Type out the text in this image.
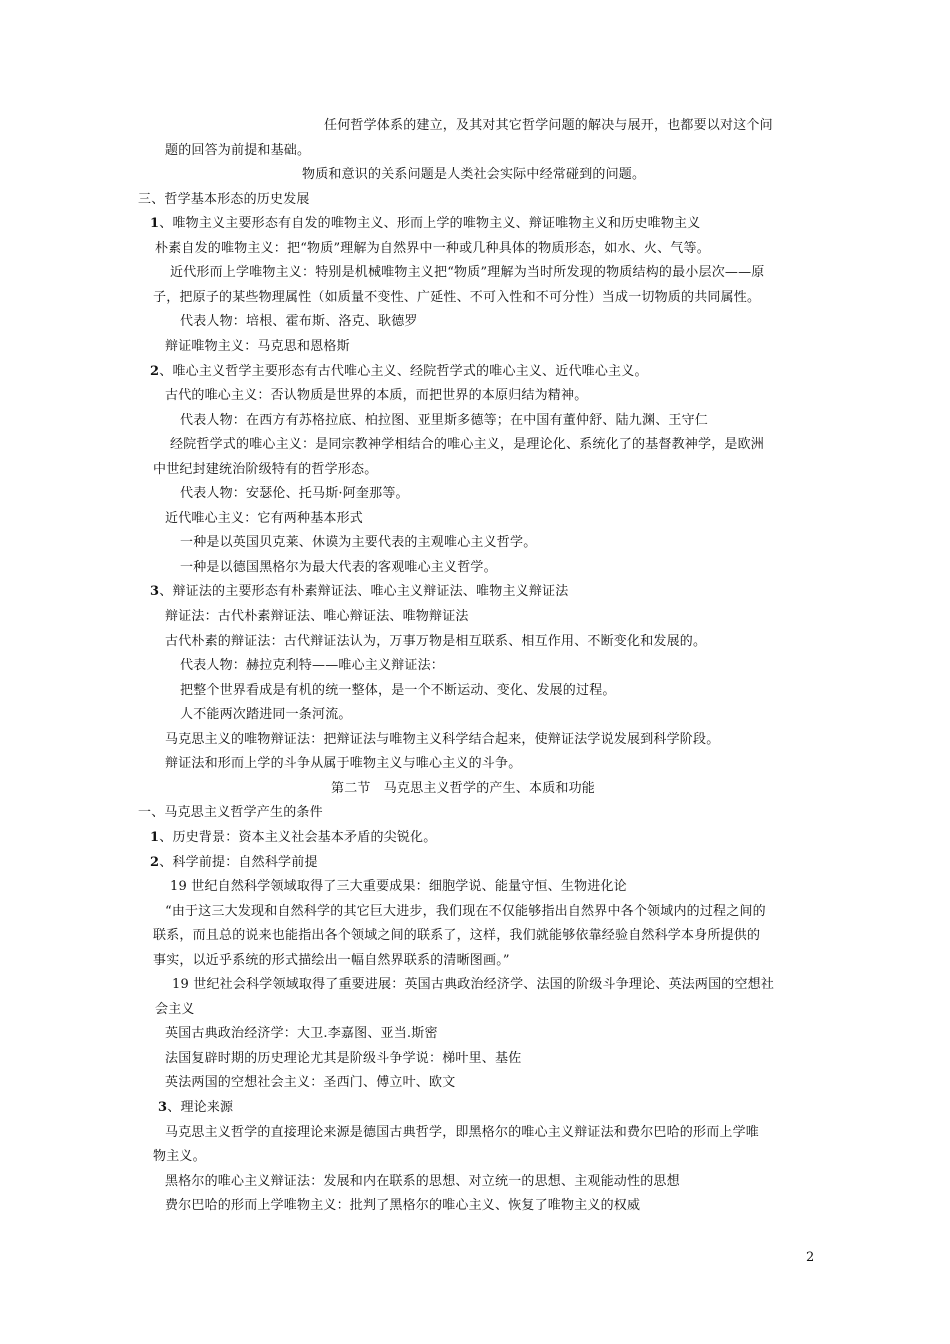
任何哲学体系的建立，及其对其它哲学问题的解决与展开，也都要以对这个问
题的回答为前提和基础。
物质和意识的关系问题是人类社会实际中经常碰到的问题。
三、哲学基本形态的历史发展
1、唯物主义主要形态有自发的唯物主义、形而上学的唯物主义、辩证唯物主义和历史唯物主义
朴素自发的唯物主义：把“物质”理解为自然界中一种或几种具体的物质形态，如水、火、气等。
近代形而上学唯物主义：特别是机械唯物主义把“物质”理解为当时所发现的物质结构的最小层次——原
子，把原子的某些物理属性（如质量不变性、广延性、不可入性和不可分性）当成一切物质的共同属性。
代表人物：培根、霍布斯、洛克、耿德罗
辩证唯物主义：马克思和恩格斯
2、唯心主义哲学主要形态有古代唯心主义、经院哲学式的唯心主义、近代唯心主义。
古代的唯心主义：否认物质是世界的本质，而把世界的本原归结为精神。
代表人物：在西方有苏格拉底、柏拉图、亚里斯多德等；在中国有董仲舒、陆九渊、王守仁
经院哲学式的唯心主义：是同宗教神学相结合的唯心主义，是理论化、系统化了的基督教神学，是欧洲
中世纪封建统治阶级特有的哲学形态。
代表人物：安瑟伦、托马斯·阿奎那等。
近代唯心主义：它有两种基本形式
一种是以英国贝克莱、休谟为主要代表的主观唯心主义哲学。
一种是以德国黑格尔为最大代表的客观唯心主义哲学。
3、辩证法的主要形态有朴素辩证法、唯心主义辩证法、唯物主义辩证法
辩证法：古代朴素辩证法、唯心辩证法、唯物辩证法
古代朴素的辩证法：古代辩证法认为，万事万物是相互联系、相互作用、不断变化和发展的。
代表人物：赫拉克利特——唯心主义辩证法：
把整个世界看成是有机的统一整体，是一个不断运动、变化、发展的过程。
人不能两次踏进同一条河流。
马克思主义的唯物辩证法：把辩证法与唯物主义科学结合起来，使辩证法学说发展到科学阶段。
辩证法和形而上学的斗争从属于唯物主义与唯心主义的斗争。
第二节　马克思主义哲学的产生、本质和功能
一、马克思主义哲学产生的条件
1、历史背景：资本主义社会基本矛盾的尖锐化。
2、科学前提：自然科学前提
19 世纪自然科学领域取得了三大重要成果：细胞学说、能量守恒、生物进化论
“由于这三大发现和自然科学的其它巨大进步，我们现在不仅能够指出自然界中各个领域内的过程之间的
联系，而且总的说来也能指出各个领域之间的联系了，这样，我们就能够依靠经验自然科学本身所提供的
事实，以近乎系统的形式描绘出一幅自然界联系的清晰图画。”
19 世纪社会科学领域取得了重要进展：英国古典政治经济学、法国的阶级斗争理论、英法两国的空想社
会主义
英国古典政治经济学：大卫.李嘉图、亚当.斯密
法国复辟时期的历史理论尤其是阶级斗争学说：梯叶里、基佐
英法两国的空想社会主义：圣西门、傅立叶、欧文
3、理论来源
马克思主义哲学的直接理论来源是德国古典哲学，即黑格尔的唯心主义辩证法和费尔巴哈的形而上学唯
物主义。
黑格尔的唯心主义辩证法：发展和内在联系的思想、对立统一的思想、主观能动性的思想
费尔巴哈的形而上学唯物主义：批判了黑格尔的唯心主义、恢复了唯物主义的权威
2
